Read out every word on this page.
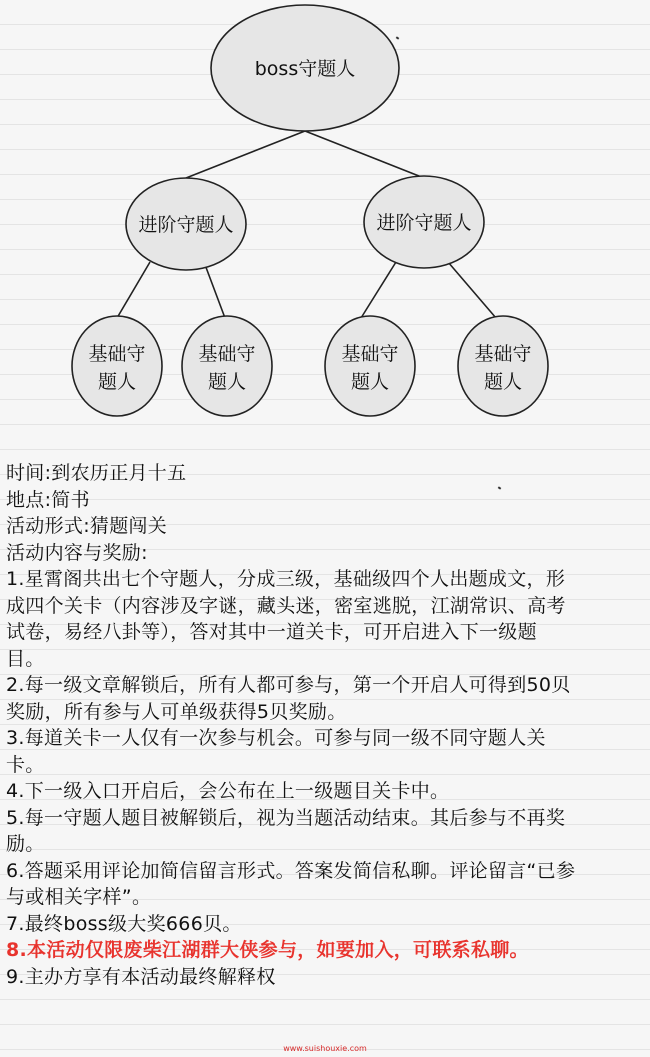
boss守题人
进阶守题人	进阶守题人
基础守
题人
基础守
题人
基础守
题人
基础守
题人
时间:到农历正月十五
地点:简书
活动形式:猜题闯关
活动内容与奖励:
1.星霄阁共出七个守题人，分成三级，基础级四个人出题成文，形
成四个关卡（内容涉及字谜，藏头迷，密室逃脱，江湖常识、高考
试卷，易经八卦等），答对其中一道关卡，可开启进入下一级题
目。
2.每一级文章解锁后，所有人都可参与，第一个开启人可得到50贝
奖励，所有参与人可单级获得5贝奖励。
3.每道关卡一人仅有一次参与机会。可参与同一级不同守题人关
卡。
4.下一级入口开启后，会公布在上一级题目关卡中。
5.每一守题人题目被解锁后，视为当题活动结束。其后参与不再奖
励。
6.答题采用评论加简信留言形式。答案发简信私聊。评论留言“已参
与或相关字样”。
7.最终boss级大奖666贝。
8.本活动仅限废柴江湖群大侠参与，如要加入，可联系私聊。
9.主办方享有本活动最终解释权
www.suishouxie.com
